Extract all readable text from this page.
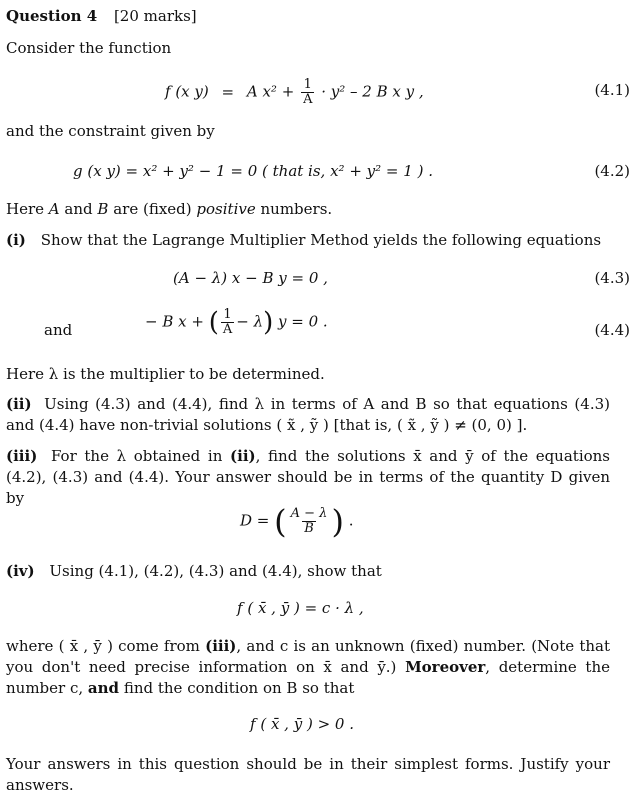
Question 4 [20 marks]
Consider the function
f (x y) = A $x^2 + \frac{1}{A} \cdot y^2 - 2$ B x y ,	(4.1)
and the constraint given by
g (x y) = x² + y² − 1 = 0 ( that is, x² + y² = 1 ) .	(4.2)
Here A and B are (fixed) positive numbers.
(i) Show that the Lagrange Multiplier Method yields the following equations
(A − λ) x − B y = 0 ,	(4.3)
and	− B x + ( $\frac{1}{A} - \lambda$) y = 0 .	(4.4)
Here λ is the multiplier to be determined.
(ii) Using (4.3) and (4.4), find λ in terms of A and B so that equations (4.3) and (4.4) have non-trivial solutions ( x̃ , ỹ ) [that is, ( x̃ , ỹ ) ≠ (0, 0) ].
(iii) For the λ obtained in (ii), find the solutions x̄ and ȳ of the equations (4.2), (4.3) and (4.4). Your answer should be in terms of the quantity D given by
D = ( $\frac{A - \lambda}{B}$ ) .
(iv) Using (4.1), (4.2), (4.3) and (4.4), show that
f ( x̄ , ȳ ) = c · λ ,
where ( x̄ , ȳ ) come from (iii), and c is an unknown (fixed) number. (Note that you don't need precise information on x̄ and ȳ.) Moreover, determine the number c, and find the condition on B so that
f ( x̄ , ȳ ) > 0 .
Your answers in this question should be in their simplest forms. Justify your answers.
